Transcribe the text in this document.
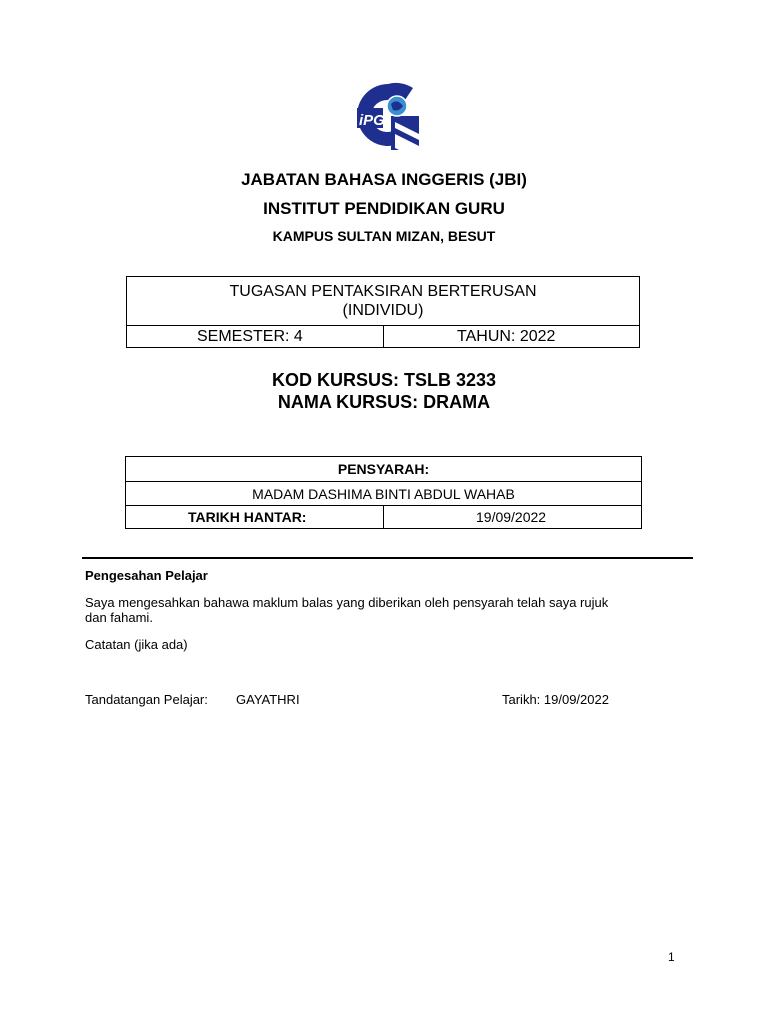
iPG
JABATAN BAHASA INGGERIS (JBI)
INSTITUT PENDIDIKAN GURU
KAMPUS SULTAN MIZAN, BESUT
TUGASAN PENTAKSIRAN BERTERUSAN
(INDIVIDU)
SEMESTER: 4	TAHUN: 2022
KOD KURSUS: TSLB 3233
NAMA KURSUS: DRAMA
PENSYARAH:
MADAM DASHIMA BINTI ABDUL WAHAB
TARIKH HANTAR:	19/09/2022
Pengesahan Pelajar
Saya mengesahkan bahawa maklum balas yang diberikan oleh pensyarah telah saya rujuk
dan fahami.
Catatan (jika ada)
Tandatangan Pelajar: GAYATHRI	Tarikh: 19/09/2022
1
